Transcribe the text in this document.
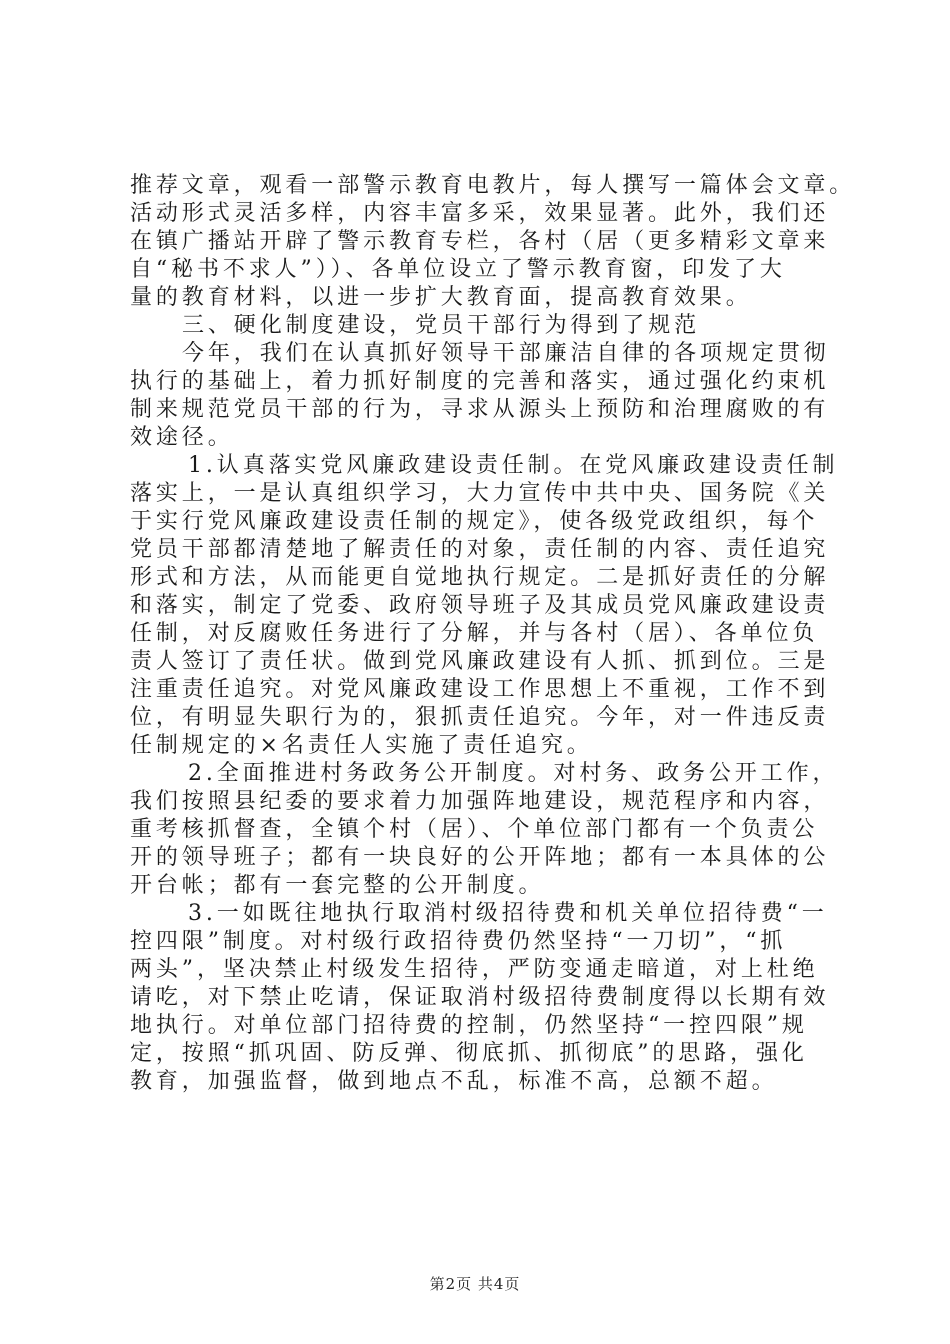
推荐文章，观看一部警示教育电教片，每人撰写一篇体会文章。
活动形式灵活多样，内容丰富多采，效果显著。此外，我们还
在镇广播站开辟了警示教育专栏，各村（居（更多精彩文章来
自“秘书不求人”））、各单位设立了警示教育窗，印发了大
量的教育材料，以进一步扩大教育面，提高教育效果。
三、硬化制度建设，党员干部行为得到了规范
今年，我们在认真抓好领导干部廉洁自律的各项规定贯彻
执行的基础上，着力抓好制度的完善和落实，通过强化约束机
制来规范党员干部的行为，寻求从源头上预防和治理腐败的有
效途径。
1.认真落实党风廉政建设责任制。在党风廉政建设责任制
落实上，一是认真组织学习，大力宣传中共中央、国务院《关
于实行党风廉政建设责任制的规定》，使各级党政组织，每个
党员干部都清楚地了解责任的对象，责任制的内容、责任追究
形式和方法，从而能更自觉地执行规定。二是抓好责任的分解
和落实，制定了党委、政府领导班子及其成员党风廉政建设责
任制，对反腐败任务进行了分解，并与各村（居）、各单位负
责人签订了责任状。做到党风廉政建设有人抓、抓到位。三是
注重责任追究。对党风廉政建设工作思想上不重视，工作不到
位，有明显失职行为的，狠抓责任追究。今年，对一件违反责
任制规定的×名责任人实施了责任追究。
2.全面推进村务政务公开制度。对村务、政务公开工作，
我们按照县纪委的要求着力加强阵地建设，规范程序和内容，
重考核抓督查，全镇个村（居）、个单位部门都有一个负责公
开的领导班子；都有一块良好的公开阵地；都有一本具体的公
开台帐；都有一套完整的公开制度。
3.一如既往地执行取消村级招待费和机关单位招待费“一
控四限”制度。对村级行政招待费仍然坚持“一刀切”，“抓
两头”，坚决禁止村级发生招待，严防变通走暗道，对上杜绝
请吃，对下禁止吃请，保证取消村级招待费制度得以长期有效
地执行。对单位部门招待费的控制，仍然坚持“一控四限”规
定，按照“抓巩固、防反弹、彻底抓、抓彻底”的思路，强化
教育，加强监督，做到地点不乱，标准不高，总额不超。
第2页 共4页
